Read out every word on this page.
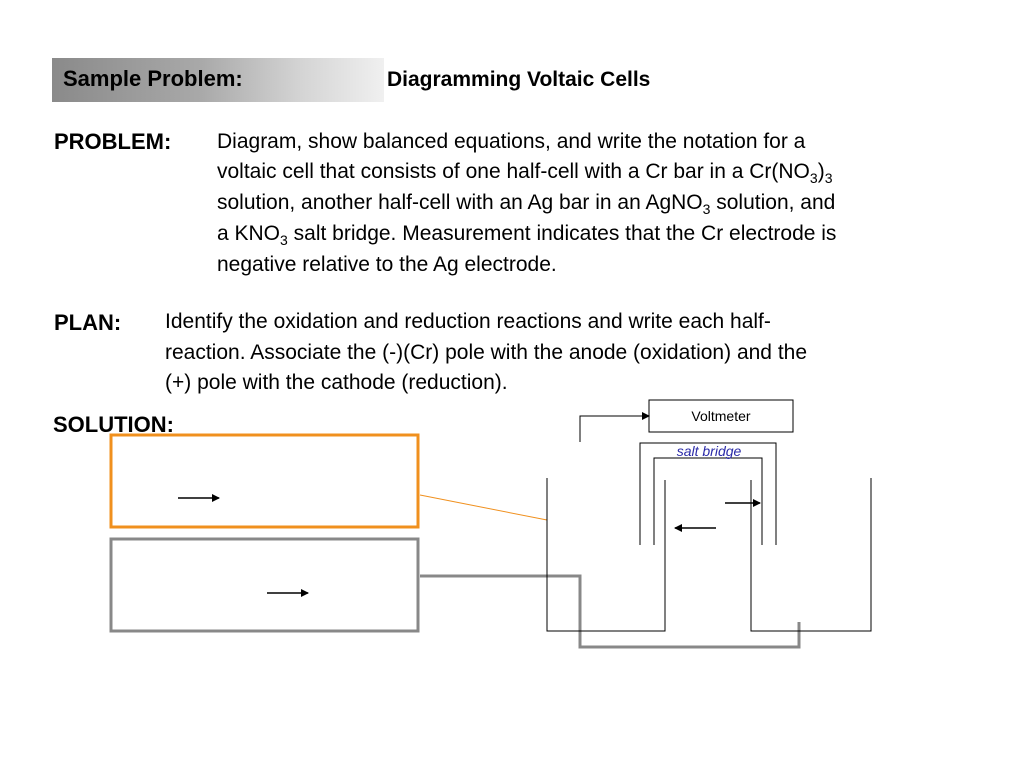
Sample Problem:	Diagramming Voltaic Cells
PROBLEM: Diagram, show balanced equations, and write the notation for a
voltaic cell that consists of one half-cell with a Cr bar in a $Cr(NO_3)_3$
solution, another half-cell with an Ag bar in an AgNO$_3$ solution, and
a $KNO_3$ salt bridge. Measurement indicates that the Cr electrode is
negative relative to the Ag electrode.
PLAN: Identify the oxidation and reduction reactions and write each half-
reaction. Associate the (-)(Cr) pole with the anode (oxidation) and the
(+) pole with the cathode (reduction).
SOLUTION:	Voltmeter
salt bridge
